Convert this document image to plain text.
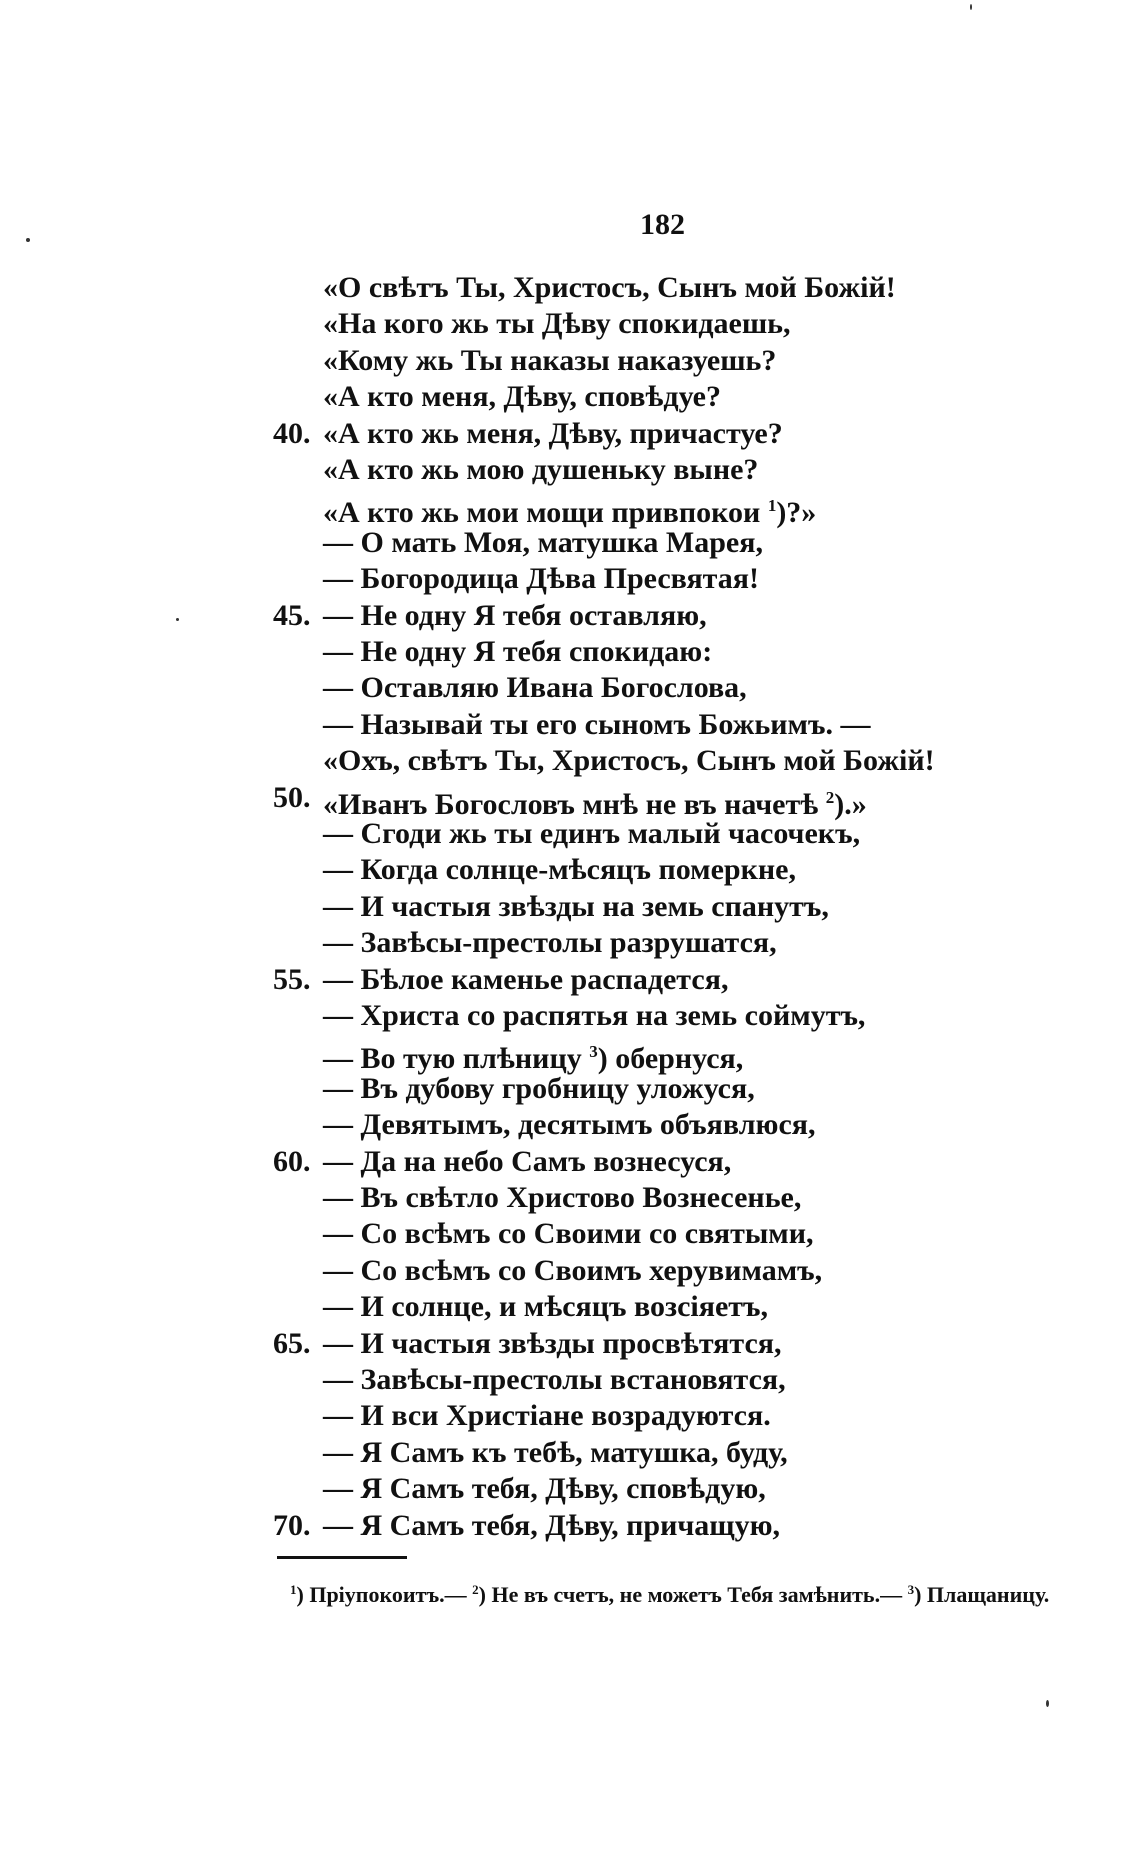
182
«О свѣтъ Ты, Христосъ, Сынъ мой Божiй!
«На кого жь ты Дѣву спокидаешь,
«Кому жь Ты наказы наказуешь?
«А кто меня, Дѣву, сповѣдуе?
40. «А кто жь меня, Дѣву, причастуе?
«А кто жь мою душеньку выне?
«А кто жь мои мощи привпокои $^1$)?»
— О мать Моя, матушка Марея,
— Богородица Дѣва Пресвятая!
45. — Не одну Я тебя оставляю,
— Не одну Я тебя спокидаю:
— Оставляю Ивана Богослова,
— Называй ты его сыномъ Божьимъ. —
«Охъ, свѣтъ Ты, Христосъ, Сынъ мой Божiй!
50. «Иванъ Богословъ мнѣ не въ начетѣ $^2$).»
— Сгоди жь ты единъ малый часочекъ,
— Когда солнце-мѣсяцъ померкне,
— И частыя звѣзды на земь спанутъ,
— Завѣсы-престолы разрушатся,
55. — Бѣлое каменье распадется,
— Христа со распятья на земь соймутъ,
— Во тую плѣницу $^3$) обернуся,
— Въ дубову гробницу уложуся,
— Девятымъ, десятымъ объявлюся,
60. — Да на небо Самъ вознесуся,
— Въ свѣтло Христово Вознесенье,
— Со всѣмъ со Своими со святыми,
— Со всѣмъ со Своимъ херувимамъ,
— И солнце, и мѣсяцъ возсiяетъ,
65. — И частыя звѣзды просвѣтятся,
— Завѣсы-престолы встановятся,
— И вси Христiане возрадуются.
— Я Самъ къ тебѣ, матушка, буду,
— Я Самъ тебя, Дѣву, сповѣдую,
70. — Я Самъ тебя, Дѣву, причащую,
$^1$) Прiупокоитъ.— $^2$) Не въ счетъ, не можетъ Тебя замѣнить.— $^3$) Плащаницу.
